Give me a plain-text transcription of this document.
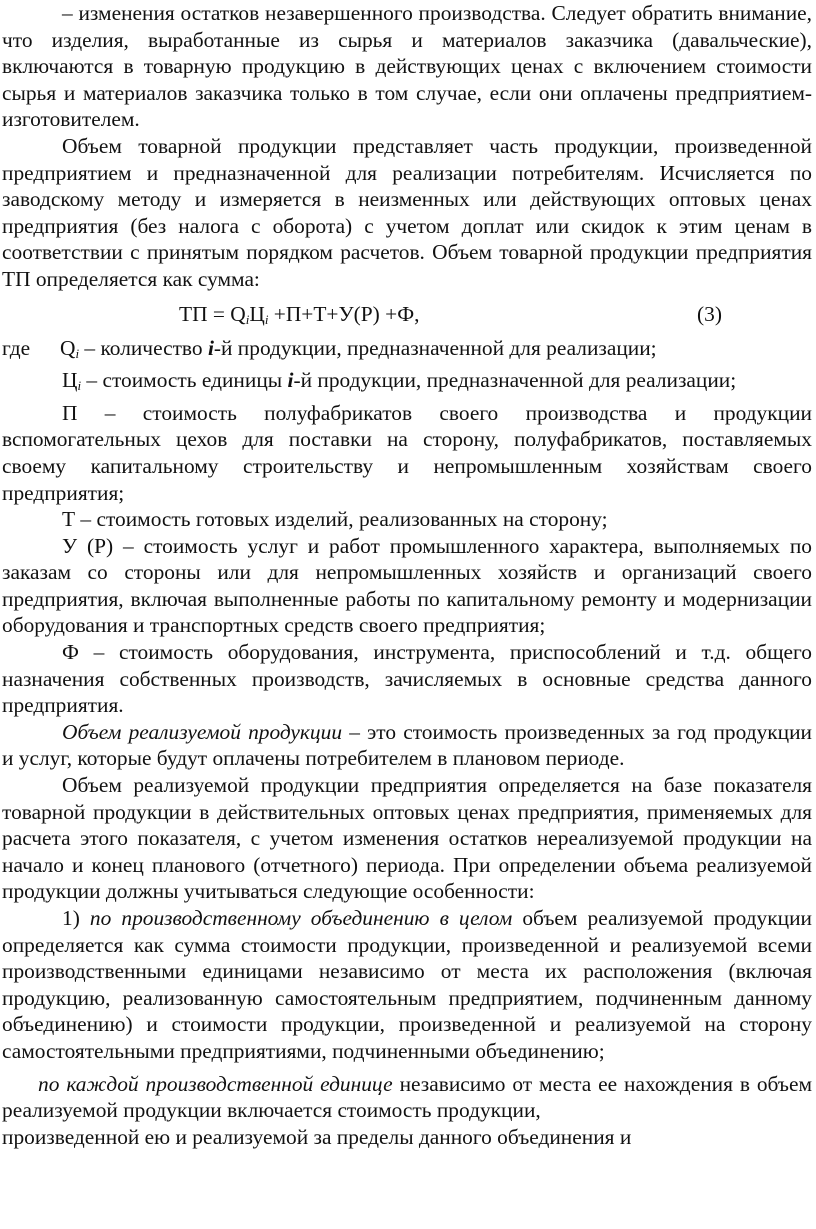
– изменения остатков незавершенного производства. Следует обратить внимание, что изделия, выработанные из сырья и материалов заказчика (давальческие), включаются в товарную продукцию в действующих ценах с включением стоимости сырья и материалов заказчика только в том случае, если они оплачены предприятием-изготовителем.

Объем товарной продукции представляет часть продукции, произведенной предприятием и предназначенной для реализации потребителям. Исчисляется по заводскому методу и измеряется в неизменных или действующих оптовых ценах предприятия (без налога с оборота) с учетом доплат или скидок к этим ценам в соответствии с принятым порядком расчетов. Объем товарной продукции предприятия ТП определяется как сумма:

ТП = $Q_iЦ_i +П+Т+У(Р) +Ф$,	(3)

где $Q_i$ – количество i-й продукции, предназначенной для реализации;

$Ц_i$ – стоимость единицы i-й продукции, предназначенной для реализации;

П – стоимость полуфабрикатов своего производства и продукции вспомогательных цехов для поставки на сторону, полуфабрикатов, поставляемых своему капитальному строительству и непромышленным хозяйствам своего предприятия;

Т – стоимость готовых изделий, реализованных на сторону;

У (Р) – стоимость услуг и работ промышленного характера, выполняемых по заказам со стороны или для непромышленных хозяйств и организаций своего предприятия, включая выполненные работы по капитальному ремонту и модернизации оборудования и транспортных средств своего предприятия;

Ф – стоимость оборудования, инструмента, приспособлений и т.д. общего назначения собственных производств, зачисляемых в основные средства данного предприятия.

Объем реализуемой продукции – это стоимость произведенных за год продукции и услуг, которые будут оплачены потребителем в плановом периоде.

Объем реализуемой продукции предприятия определяется на базе показателя товарной продукции в действительных оптовых ценах предприятия, применяемых для расчета этого показателя, с учетом изменения остатков нереализуемой продукции на начало и конец планового (отчетного) периода. При определении объема реализуемой продукции должны учитываться следующие особенности:

1) по производственному объединению в целом объем реализуемой продукции определяется как сумма стоимости продукции, произведенной и реализуемой всеми производственными единицами независимо от места их расположения (включая продукцию, реализованную самостоятельным предприятием, подчиненным данному объединению) и стоимости продукции, произведенной и реализуемой на сторону самостоятельными предприятиями, подчиненными объединению;

по каждой производственной единице независимо от места ее нахождения в объем реализуемой продукции включается стоимость продукции,

произведенной ею и реализуемой за пределы данного объединения и
